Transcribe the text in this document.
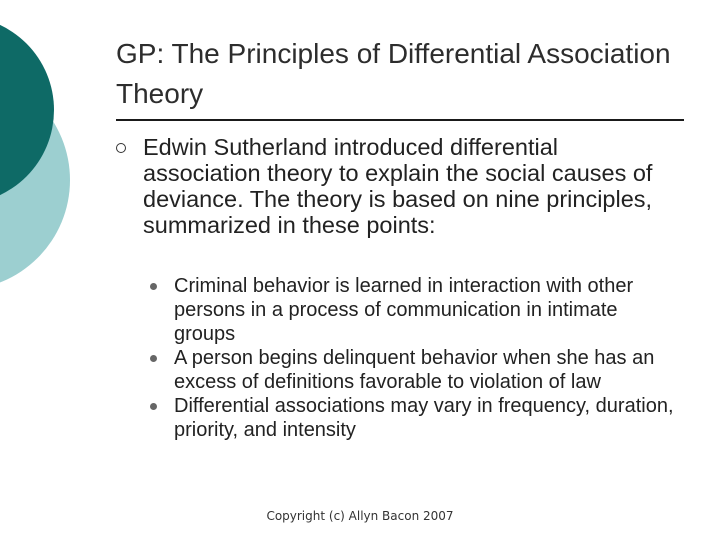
GP: The Principles of Differential Association Theory
Edwin Sutherland introduced differential association theory to explain the social causes of deviance. The theory is based on nine principles, summarized in these points:
Criminal behavior is learned in interaction with other persons in a process of communication in intimate groups
A person begins delinquent behavior when she has an excess of definitions favorable to violation of law
Differential associations may vary in frequency, duration, priority, and intensity
Copyright (c) Allyn Bacon 2007
